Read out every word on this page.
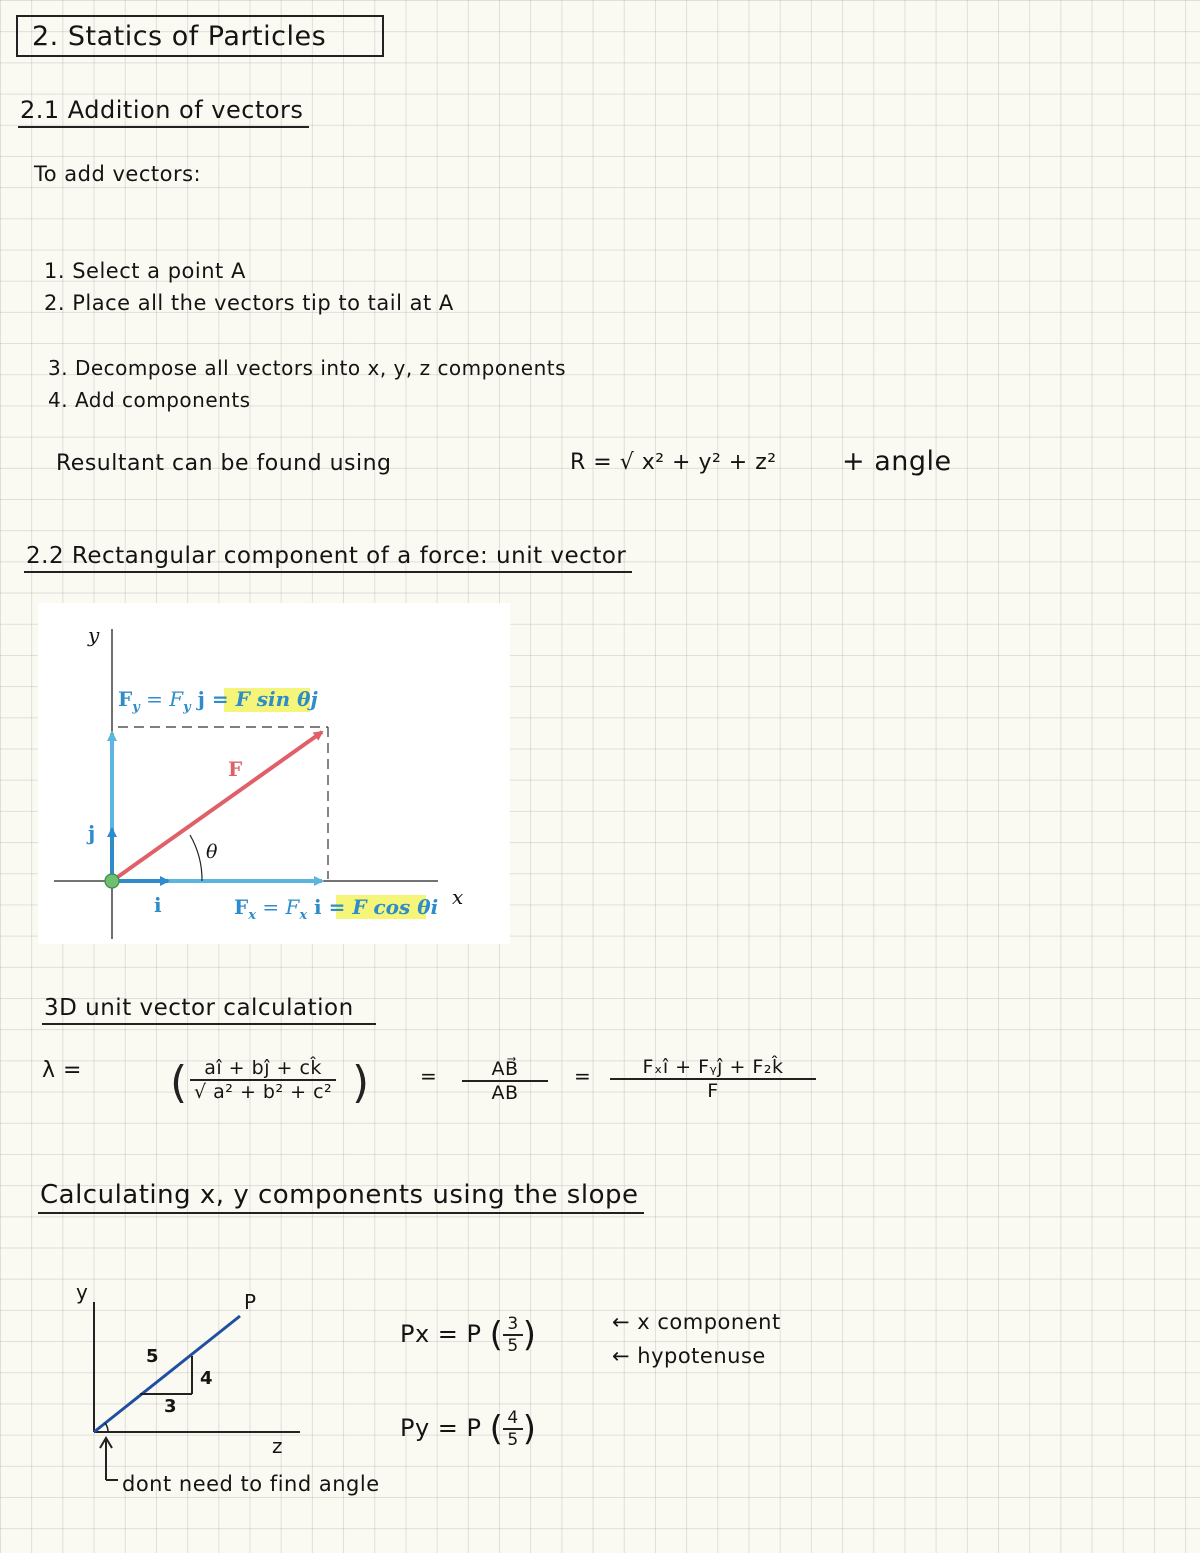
2. Statics of Particles
2.1 Addition of vectors
To add vectors:
1. Select a point A
2. Place all the vectors tip to tail at A
3. Decompose all vectors into x, y, z components
4. Add components
Resultant can be found using	R = √ x² + y² + z² + angle
2.2 Rectangular component of a force: unit vector
y
x
$F_y = F_y$ j = F sin θj
$F_x = F_x$ i = F cos θi
F
θ
j
i
3D unit vector calculation
λ = ( $\frac{aî + bĵ + ck̂}{\text{√ a² + b² + c²}}$ )	= $\frac{AB⃗}{AB} = \frac{\text{Fₓî + Fᵧĵ + F₂k̂}}{F}$
Calculating x, y components using the slope
y
z
P
5
4
3
dont need to find angle
Px = P ( $\frac{3}{5}$ )	← x component
← hypotenuse
Py = P ( $\frac{4}{5}$ )
